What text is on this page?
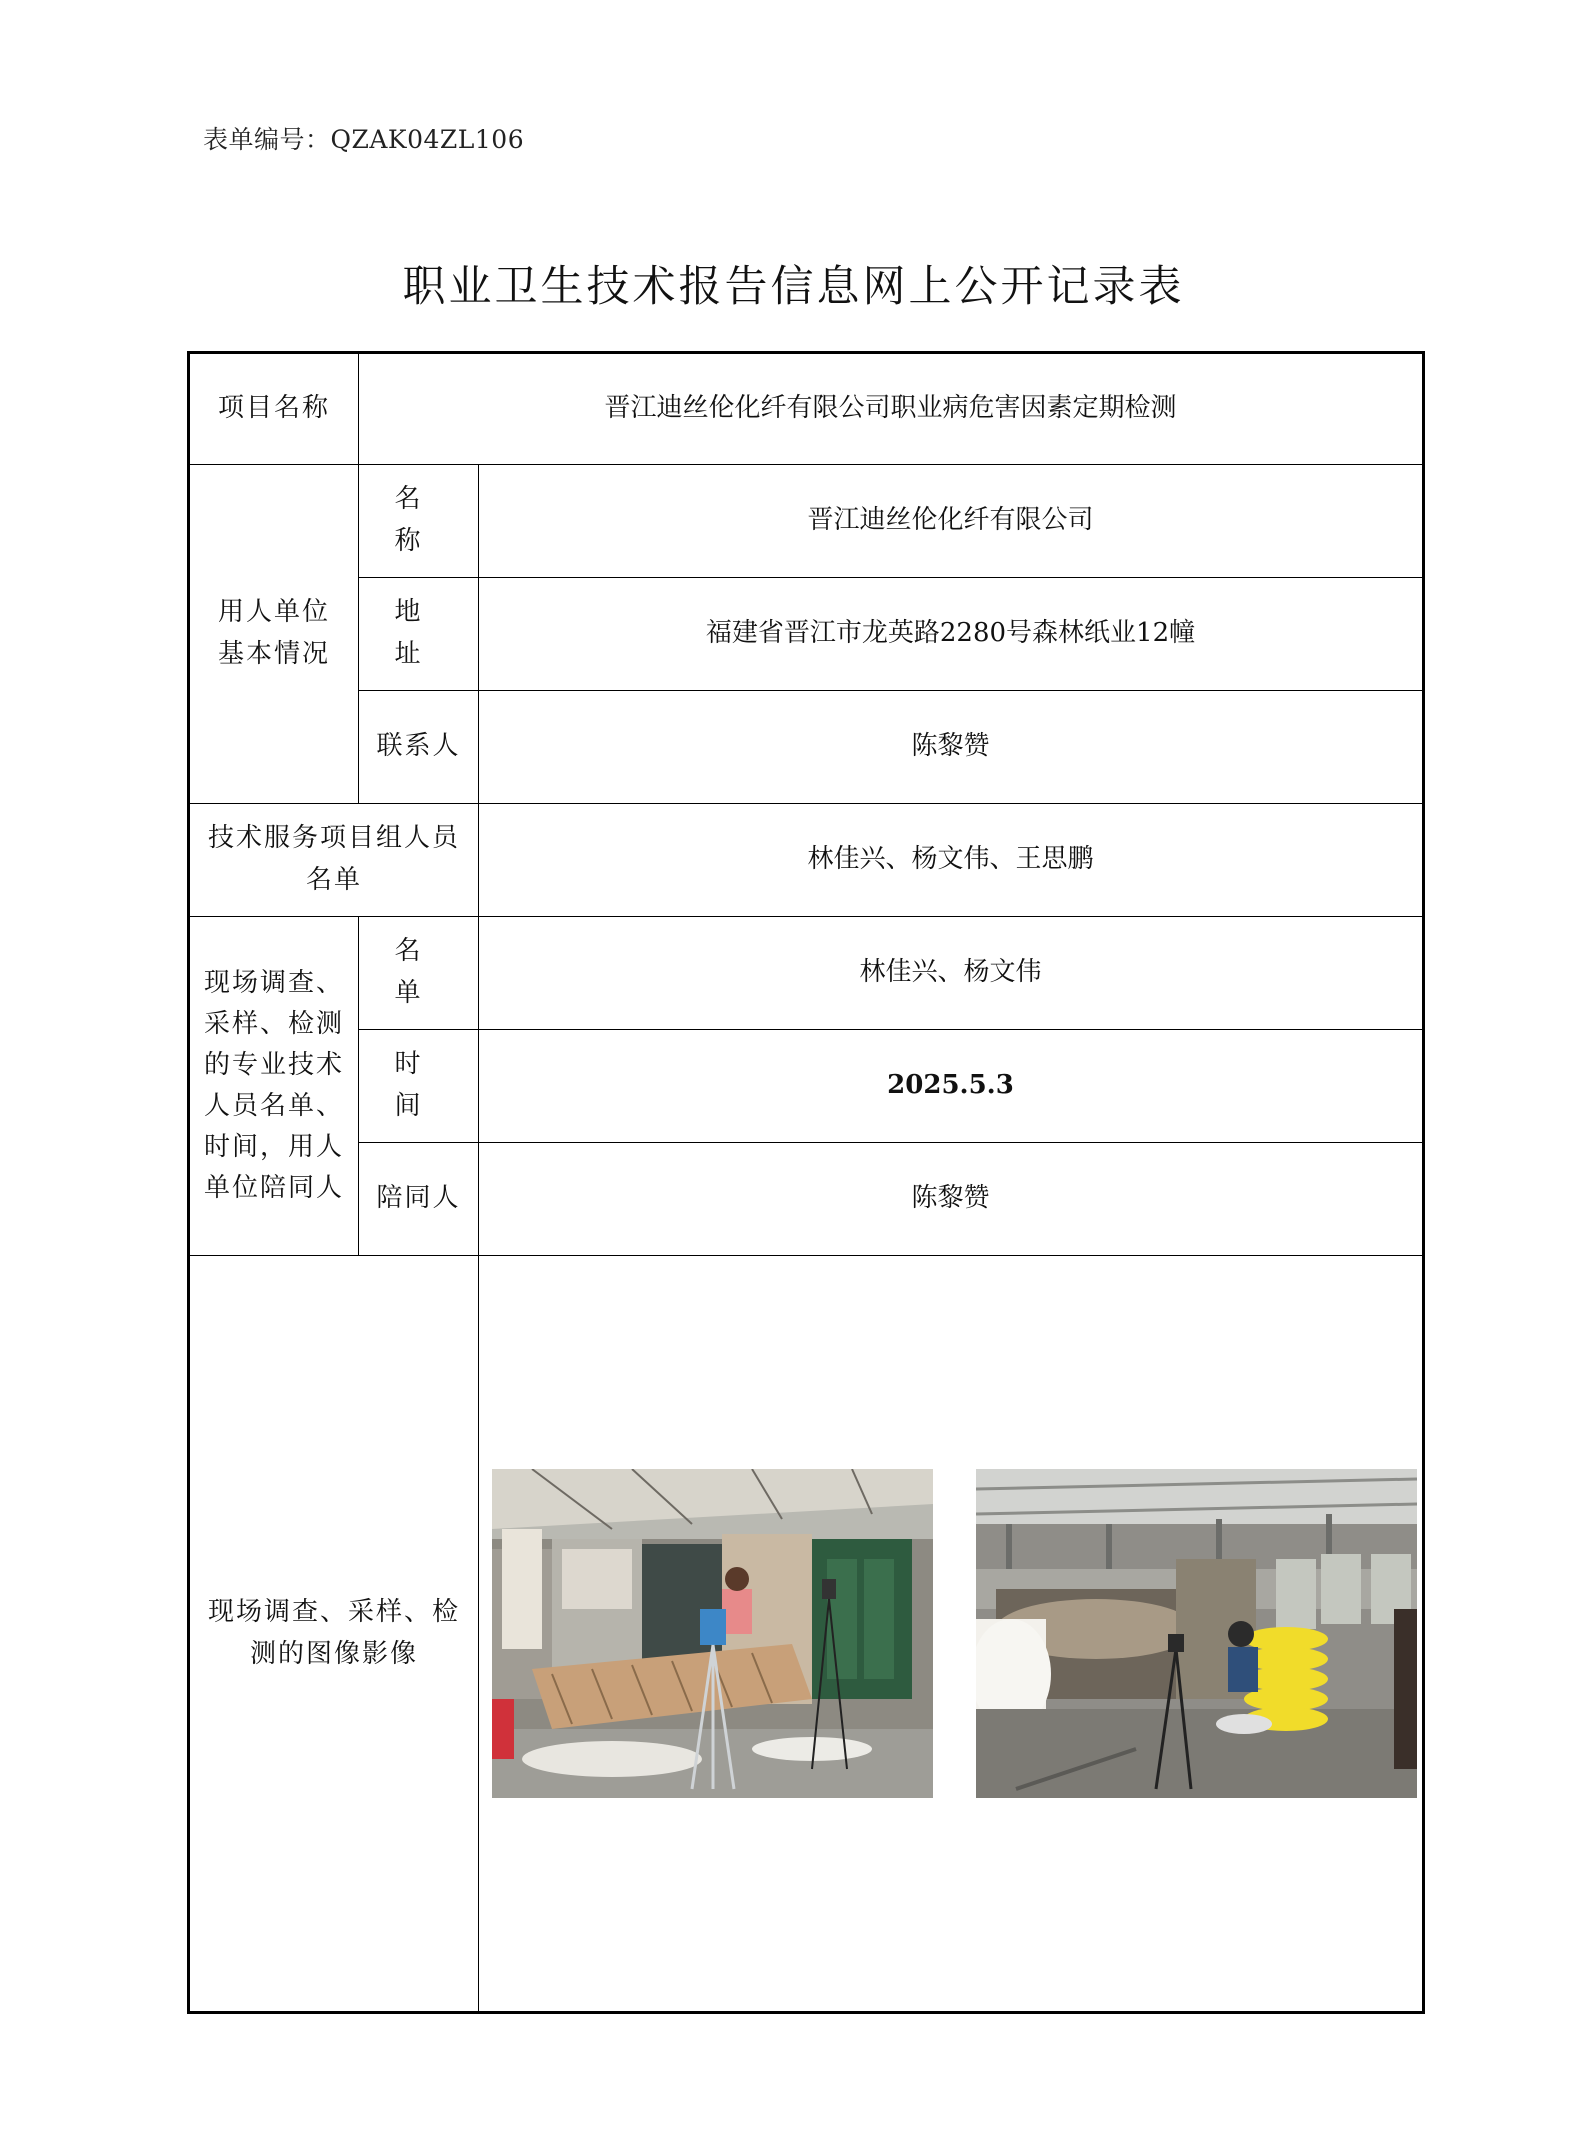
表单编号：QZAK04ZL106
职业卫生技术报告信息网上公开记录表
项目名称	晋江迪丝伦化纤有限公司职业病危害因素定期检测	
用人单位
基本情况	名 称	晋江迪丝伦化纤有限公司
	地 址	福建省晋江市龙英路2280号森林纸业12幢
	联系人	陈黎赞
技术服务项目组人员名单		林佳兴、杨文伟、王思鹏
现场调查、采样、检测的专业技术人员名单、时间，用人单位陪同人	名 单	林佳兴、杨文伟
	时 间	2025.5.3
	陪同人	陈黎赞
现场调查、采样、检测的图像影像	
